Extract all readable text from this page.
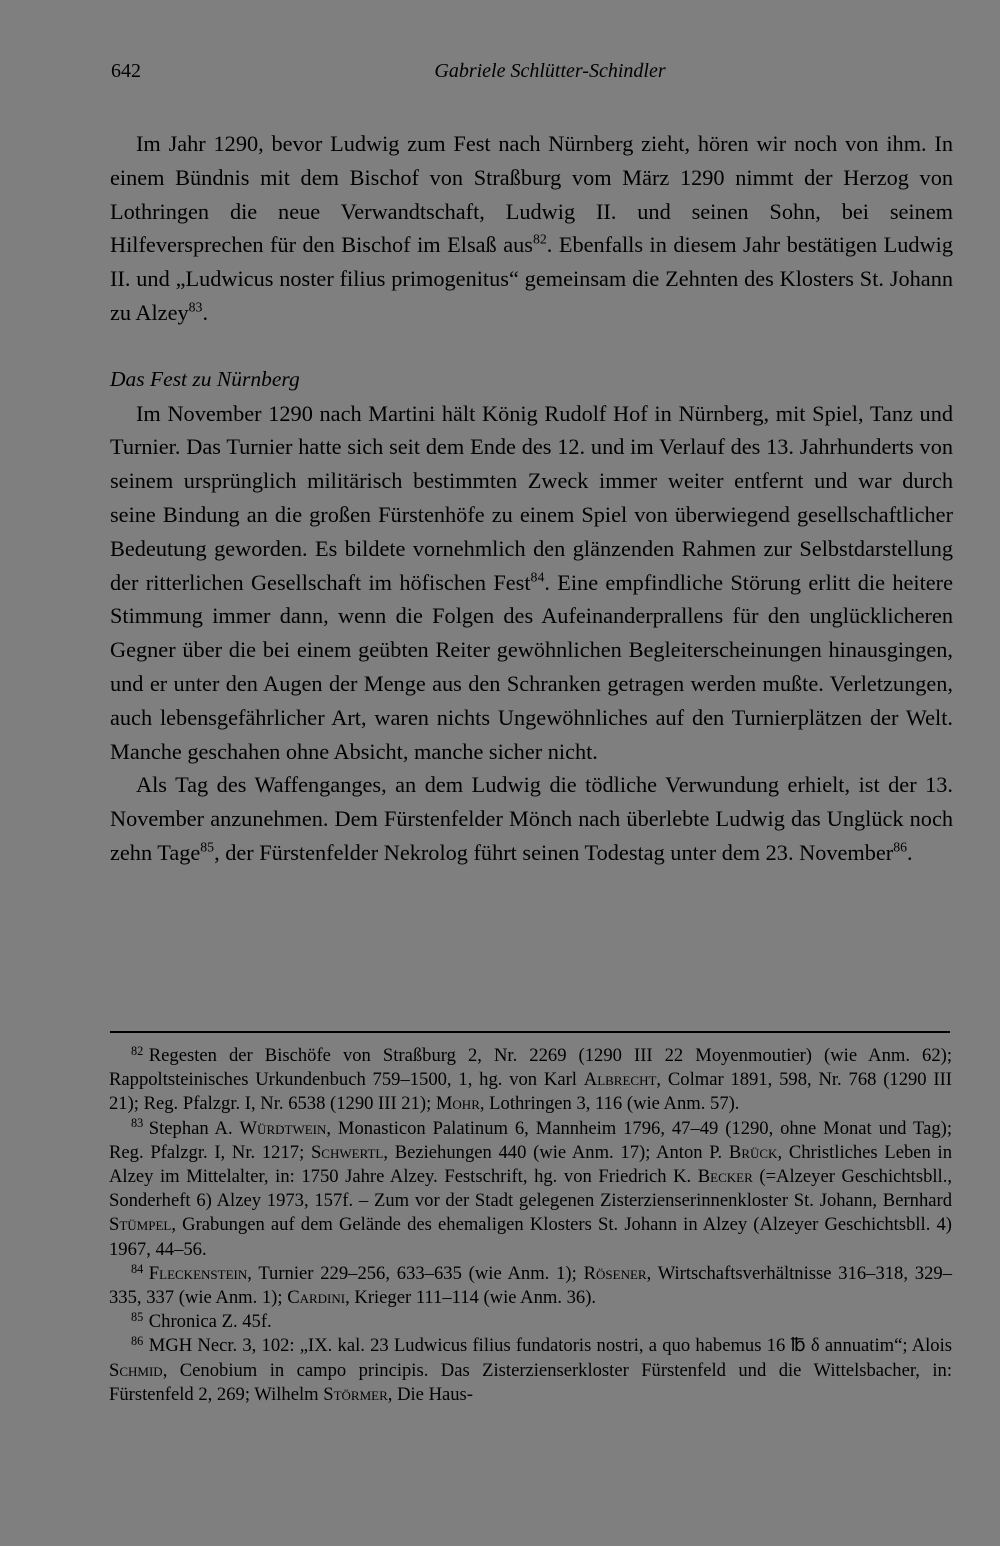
642	Gabriele Schlütter-Schindler

Im Jahr 1290, bevor Ludwig zum Fest nach Nürnberg zieht, hören wir noch von ihm. In einem Bündnis mit dem Bischof von Straßburg vom März 1290 nimmt der Herzog von Lothringen die neue Verwandtschaft, Ludwig II. und seinen Sohn, bei seinem Hilfeversprechen für den Bischof im Elsaß aus$^{82}$. Ebenfalls in diesem Jahr bestätigen Ludwig II. und „Ludwicus noster filius primogenitus“ gemeinsam die Zehnten des Klosters St. Johann zu Alzey$^{83}$.

Das Fest zu Nürnberg

Im November 1290 nach Martini hält König Rudolf Hof in Nürnberg, mit Spiel, Tanz und Turnier. Das Turnier hatte sich seit dem Ende des 12. und im Verlauf des 13. Jahrhunderts von seinem ursprünglich militärisch bestimmten Zweck immer weiter entfernt und war durch seine Bindung an die großen Fürstenhöfe zu einem Spiel von überwiegend gesellschaftlicher Bedeutung geworden. Es bildete vornehmlich den glänzenden Rahmen zur Selbstdarstellung der ritterlichen Gesellschaft im höfischen Fest$^{84}$. Eine empfindliche Störung erlitt die heitere Stimmung immer dann, wenn die Folgen des Aufeinanderprallens für den unglücklicheren Gegner über die bei einem geübten Reiter gewöhnlichen Begleiterscheinungen hinausgingen, und er unter den Augen der Menge aus den Schranken getragen werden mußte. Verletzungen, auch lebensgefährlicher Art, waren nichts Ungewöhnliches auf den Turnierplätzen der Welt. Manche geschahen ohne Absicht, manche sicher nicht.

Als Tag des Waffenganges, an dem Ludwig die tödliche Verwundung erhielt, ist der 13. November anzunehmen. Dem Fürstenfelder Mönch nach überlebte Ludwig das Unglück noch zehn Tage$^{85}$, der Fürstenfelder Nekrolog führt seinen Todestag unter dem 23. November$^{86}$.

$^{82}$ Regesten der Bischöfe von Straßburg 2, Nr. 2269 (1290 III 22 Moyenmoutier) (wie Anm. 62); Rappoltsteinisches Urkundenbuch 759–1500, 1, hg. von Karl Albrecht, Colmar 1891, 598, Nr. 768 (1290 III 21); Reg. Pfalzgr. I, Nr. 6538 (1290 III 21); Mohr, Lothringen 3, 116 (wie Anm. 57).

$^{83}$ Stephan A. Würdtwein, Monasticon Palatinum 6, Mannheim 1796, 47–49 (1290, ohne Monat und Tag); Reg. Pfalzgr. I, Nr. 1217; Schwertl, Beziehungen 440 (wie Anm. 17); Anton P. Brück, Christliches Leben in Alzey im Mittelalter, in: 1750 Jahre Alzey. Festschrift, hg. von Friedrich K. Becker (=Alzeyer Geschichtsbll., Sonderheft 6) Alzey 1973, 157f. – Zum vor der Stadt gelegenen Zisterzienserinnenkloster St. Johann, Bernhard Stümpel, Grabungen auf dem Gelände des ehemaligen Klosters St. Johann in Alzey (Alzeyer Geschichtsbll. 4) 1967, 44–56.

$^{84}$ Fleckenstein, Turnier 229–256, 633–635 (wie Anm. 1); Rösener, Wirtschaftsverhältnisse 316–318, 329–335, 337 (wie Anm. 1); Cardini, Krieger 111–114 (wie Anm. 36).

$^{85}$ Chronica Z. 45f.

$^{86}$ MGH Necr. 3, 102: „IX. kal. 23 Ludwicus filius fundatoris nostri, a quo habemus 16 ℔ δ annuatim“; Alois Schmid, Cenobium in campo principis. Das Zisterzienserkloster Fürstenfeld und die Wittelsbacher, in: Fürstenfeld 2, 269; Wilhelm Störmer, Die Haus-
